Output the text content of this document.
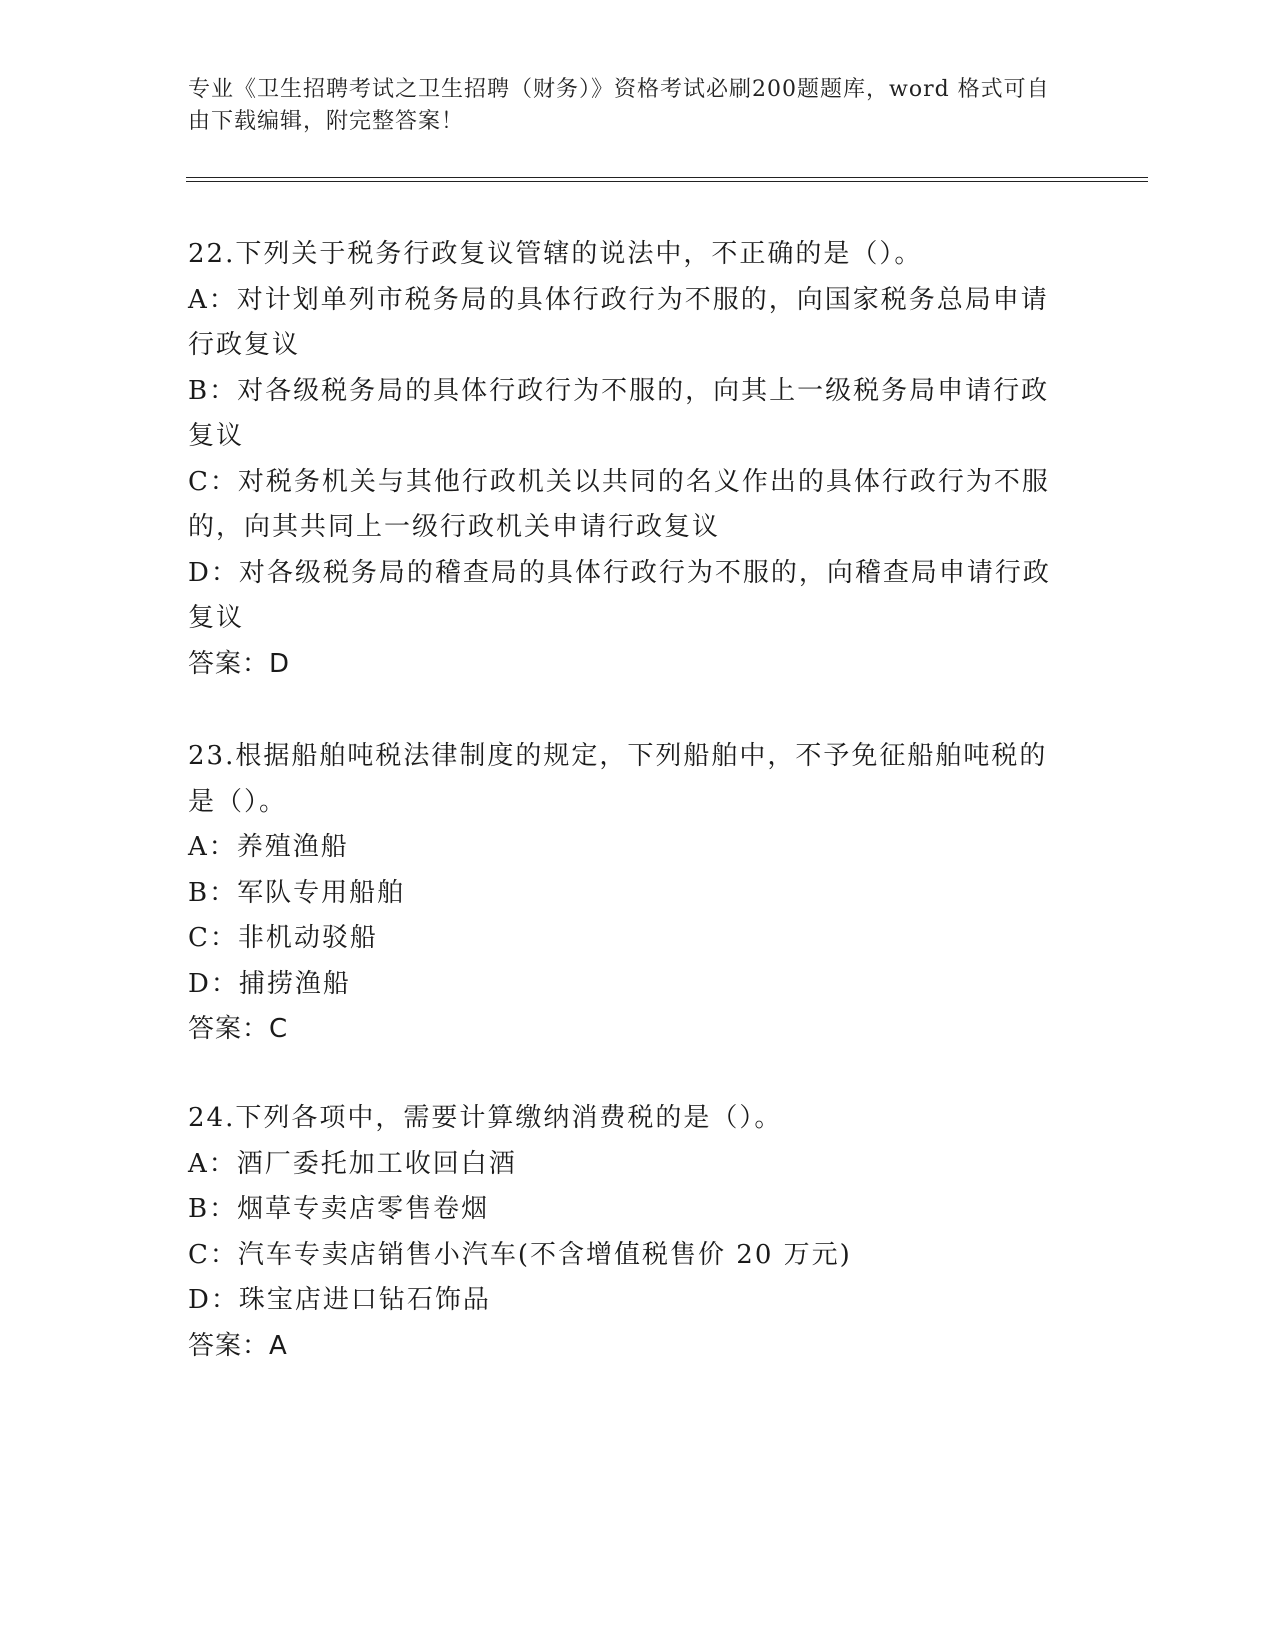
专业《卫生招聘考试之卫生招聘（财务）》资格考试必刷200题题库，word 格式可自由下载编辑，附完整答案！
22.下列关于税务行政复议管辖的说法中，不正确的是（）。
A：对计划单列市税务局的具体行政行为不服的，向国家税务总局申请行政复议
B：对各级税务局的具体行政行为不服的，向其上一级税务局申请行政复议
C：对税务机关与其他行政机关以共同的名义作出的具体行政行为不服的，向其共同上一级行政机关申请行政复议
D：对各级税务局的稽查局的具体行政行为不服的，向稽查局申请行政复议
答案：D
23.根据船舶吨税法律制度的规定，下列船舶中，不予免征船舶吨税的是（）。
A：养殖渔船
B：军队专用船舶
C：非机动驳船
D：捕捞渔船
答案：C
24.下列各项中，需要计算缴纳消费税的是（）。
A：酒厂委托加工收回白酒
B：烟草专卖店零售卷烟
C：汽车专卖店销售小汽车(不含增值税售价 20 万元)
D：珠宝店进口钻石饰品
答案：A
